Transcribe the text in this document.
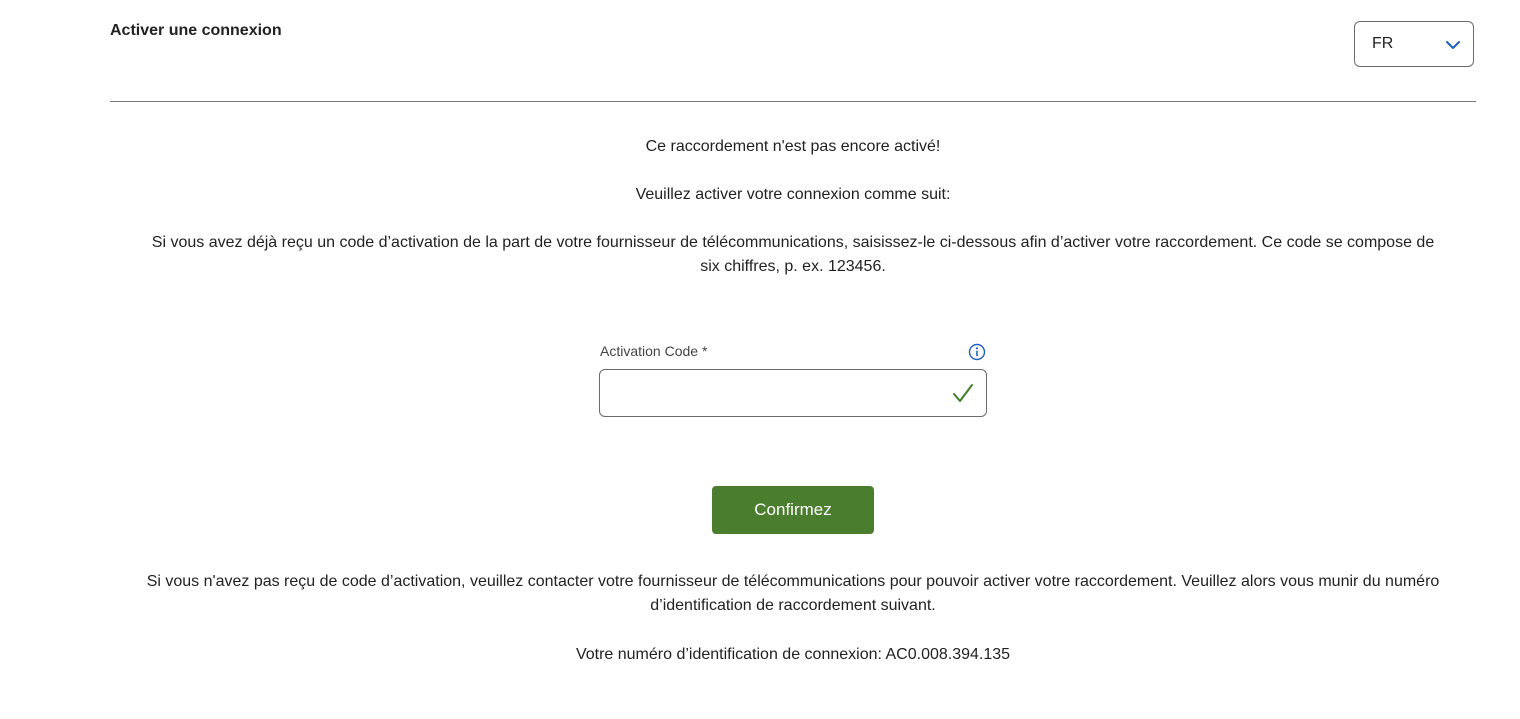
Activer une connexion
FR
Ce raccordement n'est pas encore activé!
Veuillez activer votre connexion comme suit:
Si vous avez déjà reçu un code d’activation de la part de votre fournisseur de télécommunications, saisissez-le ci-dessous afin d’activer votre raccordement. Ce code se compose de six chiffres, p. ex. 123456.
Activation Code *
Confirmez
Si vous n'avez pas reçu de code d’activation, veuillez contacter votre fournisseur de télécommunications pour pouvoir activer votre raccordement. Veuillez alors vous munir du numéro d’identification de raccordement suivant.
Votre numéro d’identification de connexion: AC0.008.394.135
